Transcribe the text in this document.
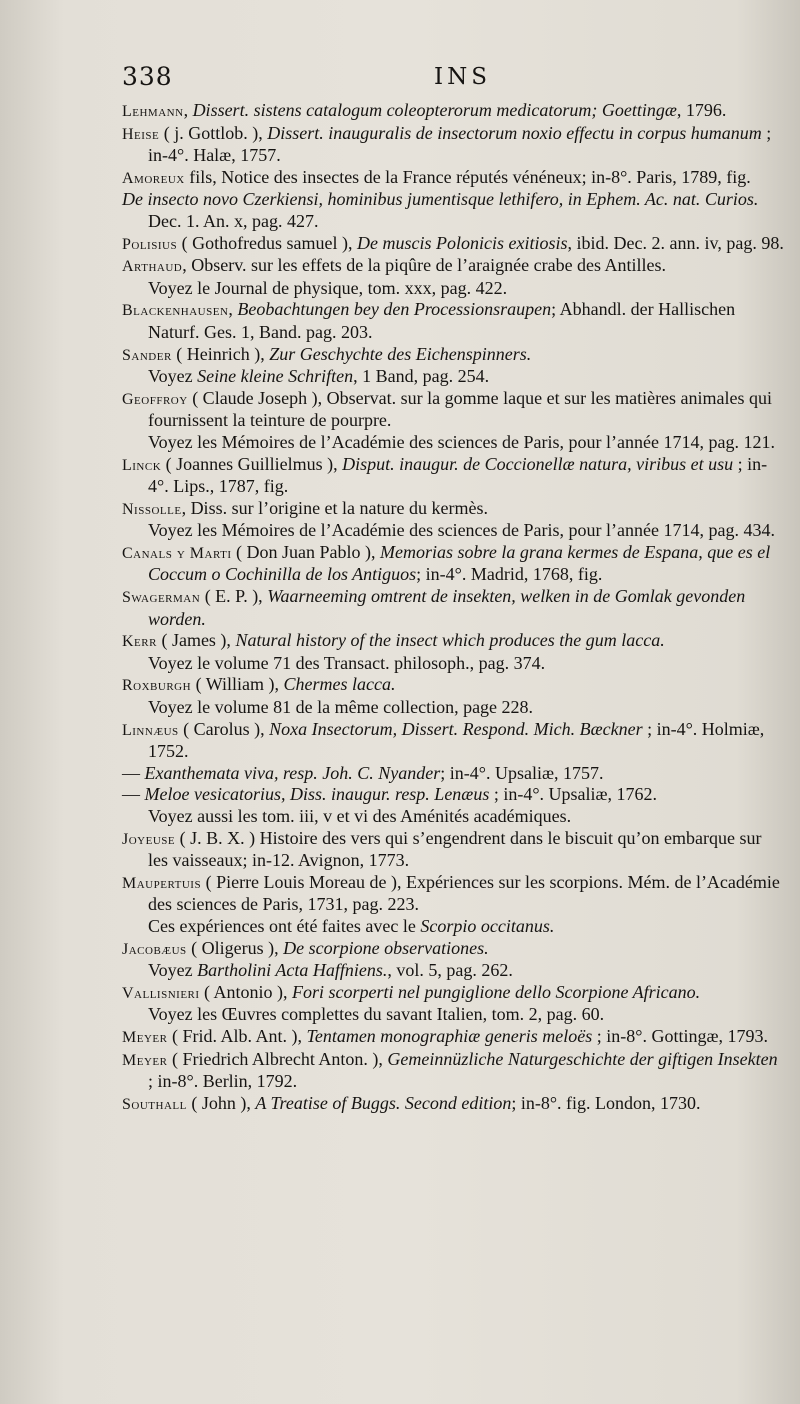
338	INS
Lehmann, Dissert. sistens catalogum coleopterorum medicatorum; Goettingæ, 1796.
Heise ( j. Gottlob. ), Dissert. inauguralis de insectorum noxio effectu in corpus humanum ; in-4°. Halæ, 1757.
Amoreux fils, Notice des insectes de la France réputés vénéneux; in-8°. Paris, 1789, fig.
De insecto novo Czerkiensi, hominibus jumentisque lethifero, in Ephem. Ac. nat. Curios. Dec. 1. An. x, pag. 427.
Polisius ( Gothofredus samuel ), De muscis Polonicis exitiosis, ibid. Dec. 2. ann. iv, pag. 98.
Arthaud, Observ. sur les effets de la piqûre de l’araignée crabe des Antilles.
Voyez le Journal de physique, tom. xxx, pag. 422.
Blackenhausen, Beobachtungen bey den Processionsraupen; Abhandl. der Hallischen Naturf. Ges. 1, Band. pag. 203.
Sander ( Heinrich ), Zur Geschychte des Eichenspinners.
Voyez Seine kleine Schriften, 1 Band, pag. 254.
Geoffroy ( Claude Joseph ), Observat. sur la gomme laque et sur les matières animales qui fournissent la teinture de pourpre.
Voyez les Mémoires de l’Académie des sciences de Paris, pour l’année 1714, pag. 121.
Linck ( Joannes Guillielmus ), Disput. inaugur. de Coccionellæ natura, viribus et usu ; in-4°. Lips., 1787, fig.
Nissolle, Diss. sur l’origine et la nature du kermès.
Voyez les Mémoires de l’Académie des sciences de Paris, pour l’année 1714, pag. 434.
Canals y Marti ( Don Juan Pablo ), Memorias sobre la grana kermes de Espana, que es el Coccum o Cochinilla de los Antiguos; in-4°. Madrid, 1768, fig.
Swagerman ( E. P. ), Waarneeming omtrent de insekten, welken in de Gomlak gevonden worden.
Kerr ( James ), Natural history of the insect which produces the gum lacca.
Voyez le volume 71 des Transact. philosoph., pag. 374.
Roxburgh ( William ), Chermes lacca.
Voyez le volume 81 de la même collection, page 228.
Linnæus ( Carolus ), Noxa Insectorum, Dissert. Respond. Mich. Bæckner ; in-4°. Holmiæ, 1752.
— Exanthemata viva, resp. Joh. C. Nyander; in-4°. Upsaliæ, 1757.
— Meloe vesicatorius, Diss. inaugur. resp. Lenæus ; in-4°. Upsaliæ, 1762.
Voyez aussi les tom. iii, v et vi des Aménités académiques.
Joyeuse ( J. B. X. ) Histoire des vers qui s’engendrent dans le biscuit qu’on embarque sur les vaisseaux; in-12. Avignon, 1773.
Maupertuis ( Pierre Louis Moreau de ), Expériences sur les scorpions. Mém. de l’Académie des sciences de Paris, 1731, pag. 223.
Ces expériences ont été faites avec le Scorpio occitanus.
Jacobæus ( Oligerus ), De scorpione observationes.
Voyez Bartholini Acta Haffniens., vol. 5, pag. 262.
Vallisnieri ( Antonio ), Fori scorperti nel pungiglione dello Scorpione Africano.
Voyez les Œuvres complettes du savant Italien, tom. 2, pag. 60.
Meyer ( Frid. Alb. Ant. ), Tentamen monographiæ generis meloës ; in-8°. Gottingæ, 1793.
Meyer ( Friedrich Albrecht Anton. ), Gemeinnüzliche Naturgeschichte der giftigen Insekten ; in-8°. Berlin, 1792.
Southall ( John ), A Treatise of Buggs. Second edition; in-8°. fig. London, 1730.
